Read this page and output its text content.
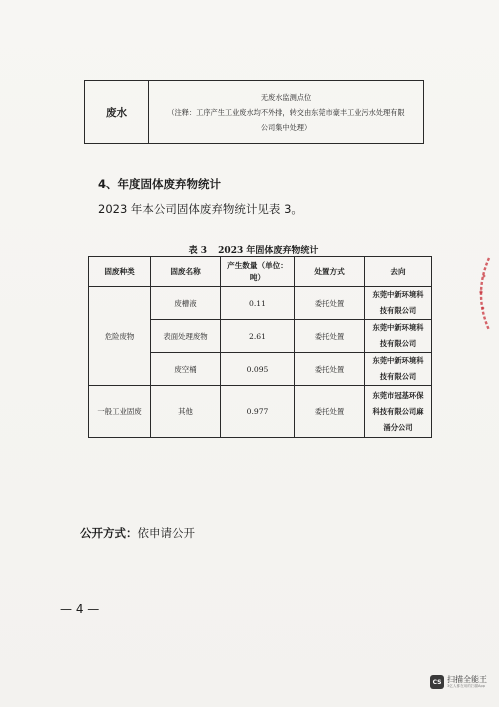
废水	
无废水监测点位
（注释：工序产生工业废水均不外排，转交由东莞市豪丰工业污水处理有限
公司集中处理）
4、年度固体废弃物统计
2023 年本公司固体废弃物统计见表 3。
表 3 2023 年固体废弃物统计
固废种类	固废名称	产生数量（单位：吨）	处置方式	去向
危险废物	废槽液	0.11	委托处置	东莞中新环境科技有限公司
	表面处理废物	2.61	委托处置	东莞中新环境科技有限公司
	废空桶	0.095	委托处置	东莞中新环境科技有限公司
一般工业固废	其他	0.977	委托处置	东莞市冠基环保科技有限公司麻涌分公司
公开方式：依申请公开
— 4 —
CS 扫描全能王
3亿人都在用的扫描App
